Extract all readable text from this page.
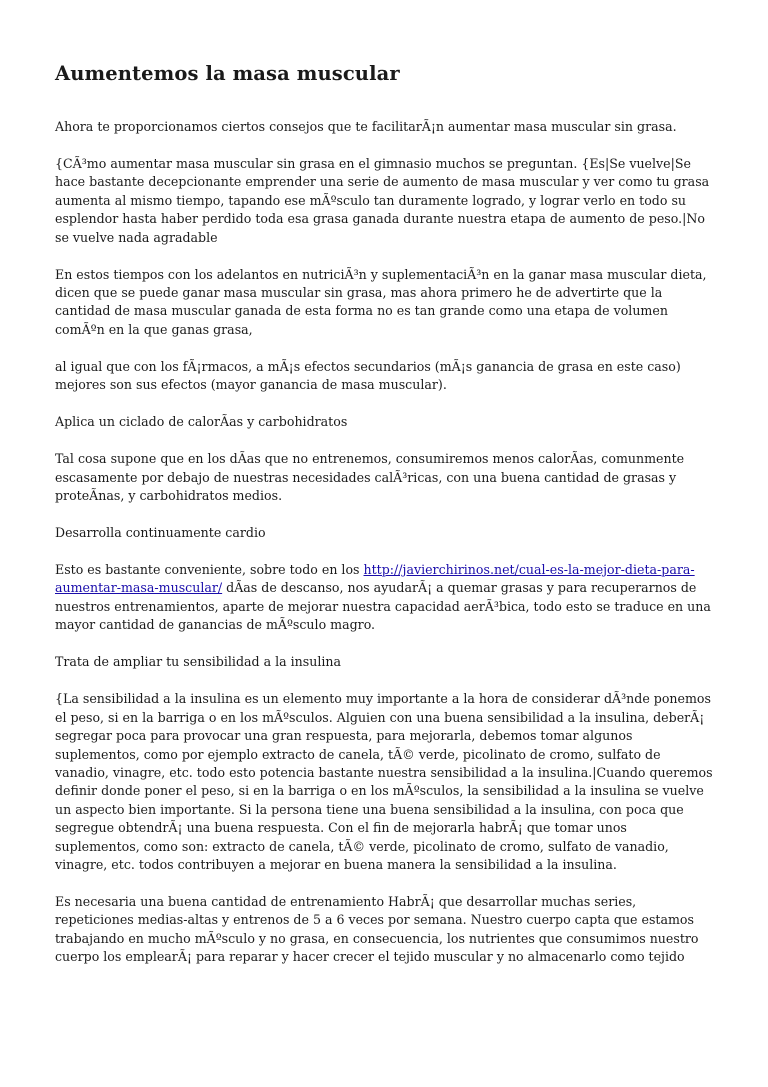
Aumentemos la masa muscular

Ahora te proporcionamos ciertos consejos que te facilitarÃ¡n aumentar masa muscular sin grasa.

{CÃ³mo aumentar masa muscular sin grasa en el gimnasio muchos se preguntan. {Es|Se vuelve|Se hace bastante decepcionante emprender una serie de aumento de masa muscular y ver como tu grasa aumenta al mismo tiempo, tapando ese mÃºsculo tan duramente logrado, y lograr verlo en todo su esplendor hasta haber perdido toda esa grasa ganada durante nuestra etapa de aumento de peso.|No se vuelve nada agradable

En estos tiempos con los adelantos en nutriciÃ³n y suplementaciÃ³n en la ganar masa muscular dieta, dicen que se puede ganar masa muscular sin grasa, mas ahora primero he de advertirte que la cantidad de masa muscular ganada de esta forma no es tan grande como una etapa de volumen comÃºn en la que ganas grasa,

al igual que con los fÃ¡rmacos, a mÃ¡s efectos secundarios (mÃ¡s ganancia de grasa en este caso) mejores son sus efectos (mayor ganancia de masa muscular).

Aplica un ciclado de calorÃas y carbohidratos

Tal cosa supone que en los dÃas que no entrenemos, consumiremos menos calorÃas, comunmente escasamente por debajo de nuestras necesidades calÃ³ricas, con una buena cantidad de grasas y proteÃnas, y carbohidratos medios.

Desarrolla continuamente cardio

Esto es bastante conveniente, sobre todo en los http://javierchirinos.net/cual-es-la-mejor-dieta-para-aumentar-masa-muscular/ dÃas de descanso, nos ayudarÃ¡ a quemar grasas y para recuperarnos de nuestros entrenamientos, aparte de mejorar nuestra capacidad aerÃ³bica, todo esto se traduce en una mayor cantidad de ganancias de mÃºsculo magro.

Trata de ampliar tu sensibilidad a la insulina

{La sensibilidad a la insulina es un elemento muy importante a la hora de considerar dÃ³nde ponemos el peso, si en la barriga o en los mÃºsculos. Alguien con una buena sensibilidad a la insulina, deberÃ¡ segregar poca para provocar una gran respuesta, para mejorarla, debemos tomar algunos suplementos, como por ejemplo extracto de canela, tÃ© verde, picolinato de cromo, sulfato de vanadio, vinagre, etc. todo esto potencia bastante nuestra sensibilidad a la insulina.|Cuando queremos definir donde poner el peso, si en la barriga o en los mÃºsculos, la sensibilidad a la insulina se vuelve un aspecto bien importante. Si la persona tiene una buena sensibilidad a la insulina, con poca que segregue obtendrÃ¡ una buena respuesta. Con el fin de mejorarla habrÃ¡ que tomar unos suplementos, como son: extracto de canela, tÃ© verde, picolinato de cromo, sulfato de vanadio, vinagre, etc. todos contribuyen a mejorar en buena manera la sensibilidad a la insulina.

Es necesaria una buena cantidad de entrenamiento HabrÃ¡ que desarrollar muchas series, repeticiones medias-altas y entrenos de 5 a 6 veces por semana. Nuestro cuerpo capta que estamos trabajando en mucho mÃºsculo y no grasa, en consecuencia, los nutrientes que consumimos nuestro cuerpo los emplearÃ¡ para reparar y hacer crecer el tejido muscular y no almacenarlo como tejido
